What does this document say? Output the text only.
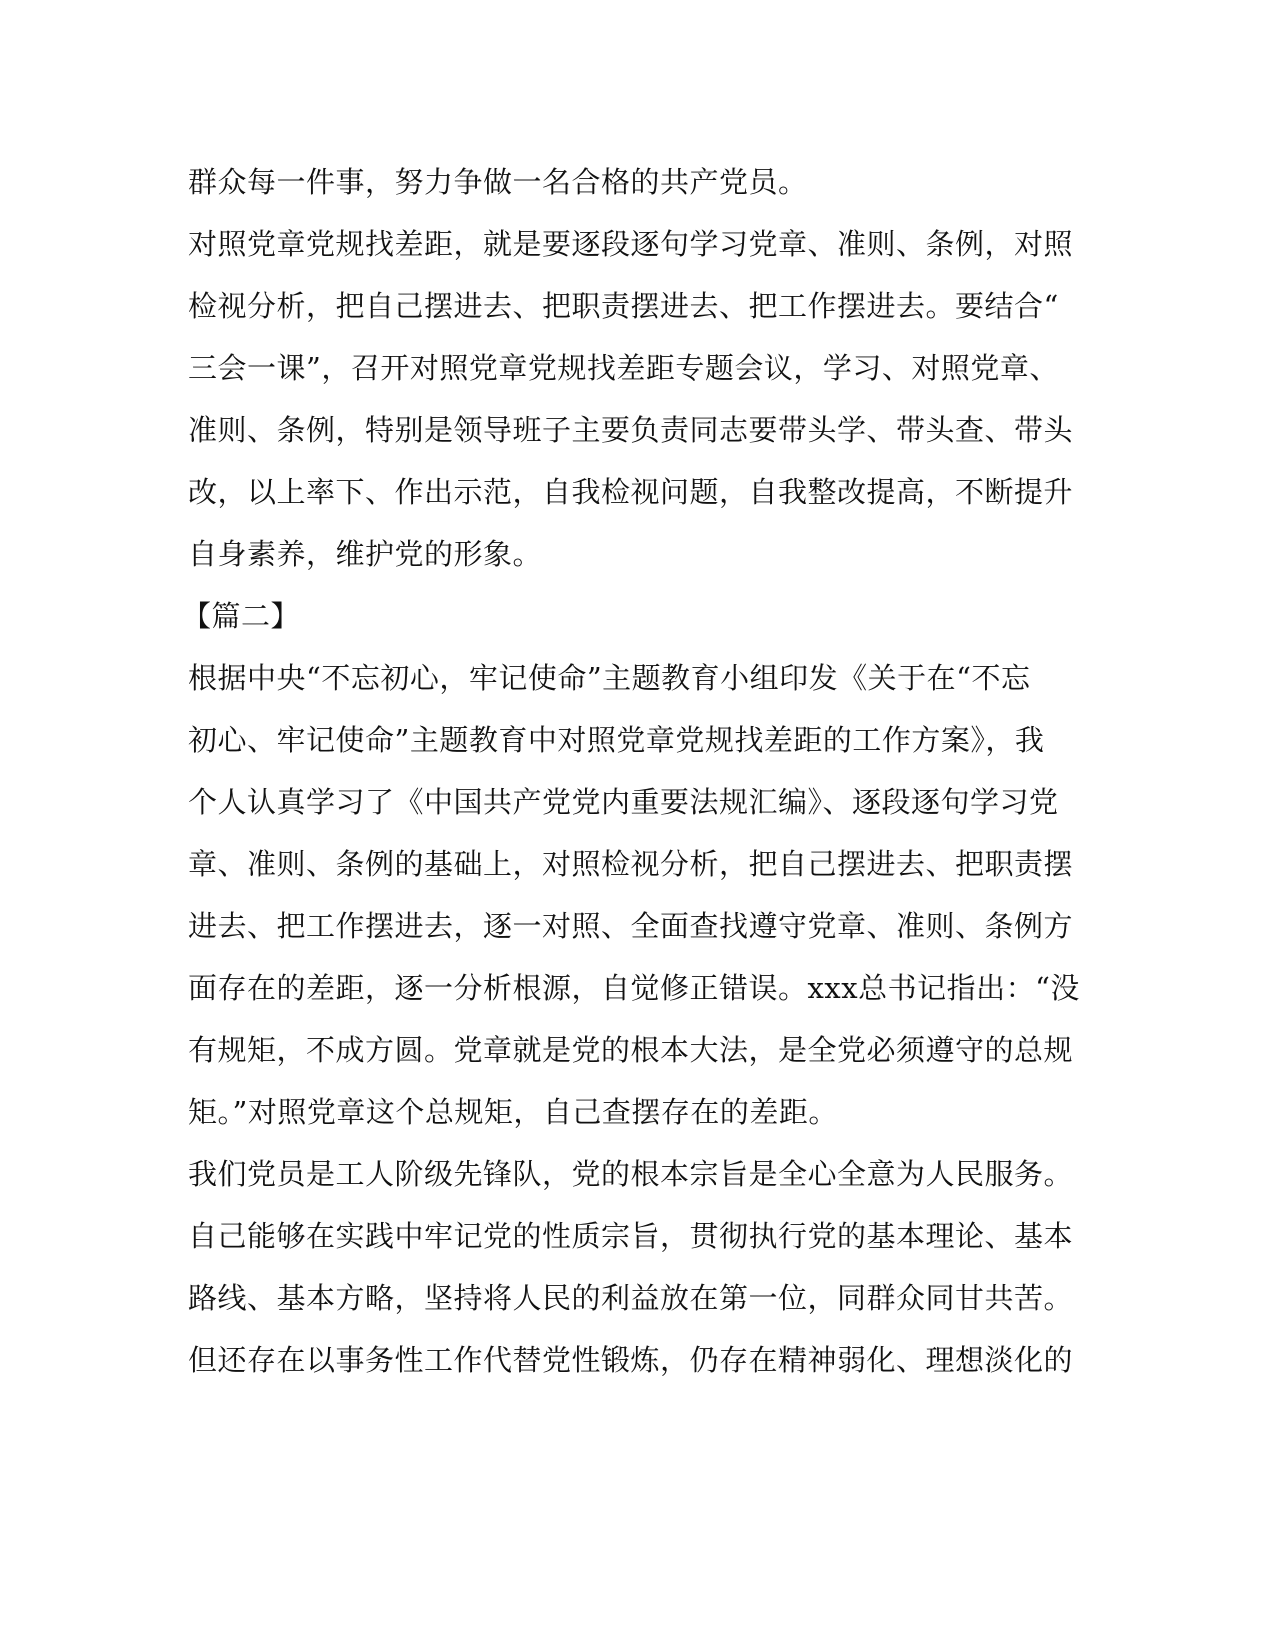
群众每一件事，努力争做一名合格的共产党员。
对照党章党规找差距，就是要逐段逐句学习党章、准则、条例，对照
检视分析，把自己摆进去、把职责摆进去、把工作摆进去。要结合“
三会一课”，召开对照党章党规找差距专题会议，学习、对照党章、
准则、条例，特别是领导班子主要负责同志要带头学、带头查、带头
改，以上率下、作出示范，自我检视问题，自我整改提高，不断提升
自身素养，维护党的形象。
【篇二】
根据中央“不忘初心，牢记使命”主题教育小组印发《关于在“不忘
初心、牢记使命”主题教育中对照党章党规找差距的工作方案》，我
个人认真学习了《中国共产党党内重要法规汇编》、逐段逐句学习党
章、准则、条例的基础上，对照检视分析，把自己摆进去、把职责摆
进去、把工作摆进去，逐一对照、全面查找遵守党章、准则、条例方
面存在的差距，逐一分析根源，自觉修正错误。xxx总书记指出：“没
有规矩，不成方圆。党章就是党的根本大法，是全党必须遵守的总规
矩。”对照党章这个总规矩，自己查摆存在的差距。
我们党员是工人阶级先锋队，党的根本宗旨是全心全意为人民服务。
自己能够在实践中牢记党的性质宗旨，贯彻执行党的基本理论、基本
路线、基本方略，坚持将人民的利益放在第一位，同群众同甘共苦。
但还存在以事务性工作代替党性锻炼，仍存在精神弱化、理想淡化的
